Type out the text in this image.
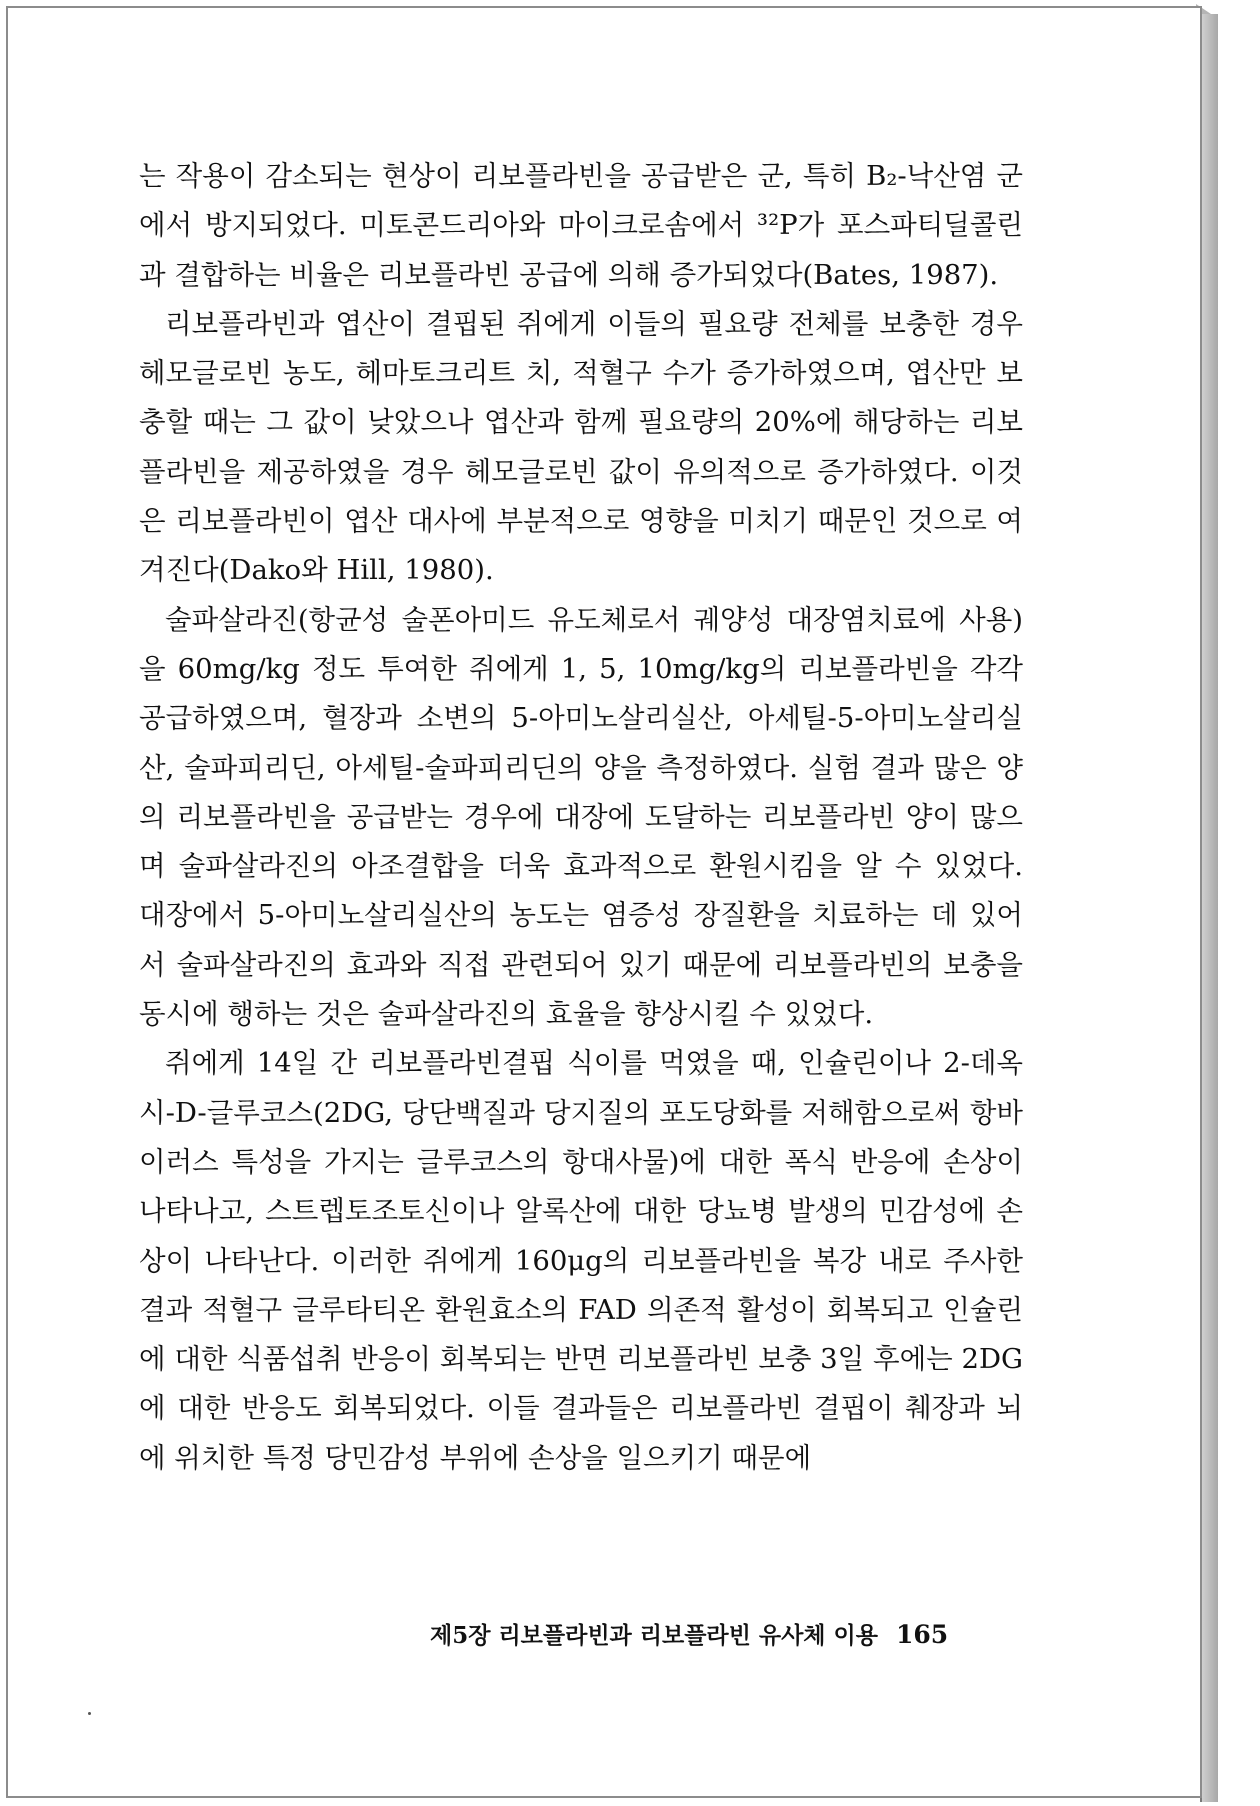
는 작용이 감소되는 현상이 리보플라빈을 공급받은 군, 특히 B₂-낙산염 군에서 방지되었다. 미토콘드리아와 마이크로솜에서 ³²P가 포스파티딜콜린과 결합하는 비율은 리보플라빈 공급에 의해 증가되었다(Bates, 1987).

리보플라빈과 엽산이 결핍된 쥐에게 이들의 필요량 전체를 보충한 경우 헤모글로빈 농도, 헤마토크리트 치, 적혈구 수가 증가하였으며, 엽산만 보충할 때는 그 값이 낮았으나 엽산과 함께 필요량의 20%에 해당하는 리보플라빈을 제공하였을 경우 헤모글로빈 값이 유의적으로 증가하였다. 이것은 리보플라빈이 엽산 대사에 부분적으로 영향을 미치기 때문인 것으로 여겨진다(Dako와 Hill, 1980).

술파살라진(항균성 술폰아미드 유도체로서 궤양성 대장염치료에 사용)을 60mg/kg 정도 투여한 쥐에게 1, 5, 10mg/kg의 리보플라빈을 각각 공급하였으며, 혈장과 소변의 5-아미노살리실산, 아세틸-5-아미노살리실산, 술파피리딘, 아세틸-술파피리딘의 양을 측정하였다. 실험 결과 많은 양의 리보플라빈을 공급받는 경우에 대장에 도달하는 리보플라빈 양이 많으며 술파살라진의 아조결합을 더욱 효과적으로 환원시킴을 알 수 있었다. 대장에서 5-아미노살리실산의 농도는 염증성 장질환을 치료하는 데 있어서 술파살라진의 효과와 직접 관련되어 있기 때문에 리보플라빈의 보충을 동시에 행하는 것은 술파살라진의 효율을 향상시킬 수 있었다.

쥐에게 14일 간 리보플라빈결핍 식이를 먹였을 때, 인슐린이나 2-데옥시-D-글루코스(2DG, 당단백질과 당지질의 포도당화를 저해함으로써 항바이러스 특성을 가지는 글루코스의 항대사물)에 대한 폭식 반응에 손상이 나타나고, 스트렙토조토신이나 알록산에 대한 당뇨병 발생의 민감성에 손상이 나타난다. 이러한 쥐에게 160μg의 리보플라빈을 복강 내로 주사한 결과 적혈구 글루타티온 환원효소의 FAD 의존적 활성이 회복되고 인슐린에 대한 식품섭취 반응이 회복되는 반면 리보플라빈 보충 3일 후에는 2DG에 대한 반응도 회복되었다. 이들 결과들은 리보플라빈 결핍이 췌장과 뇌에 위치한 특정 당민감성 부위에 손상을 일으키기 때문에

제5장 리보플라빈과 리보플라빈 유사체 이용 165
